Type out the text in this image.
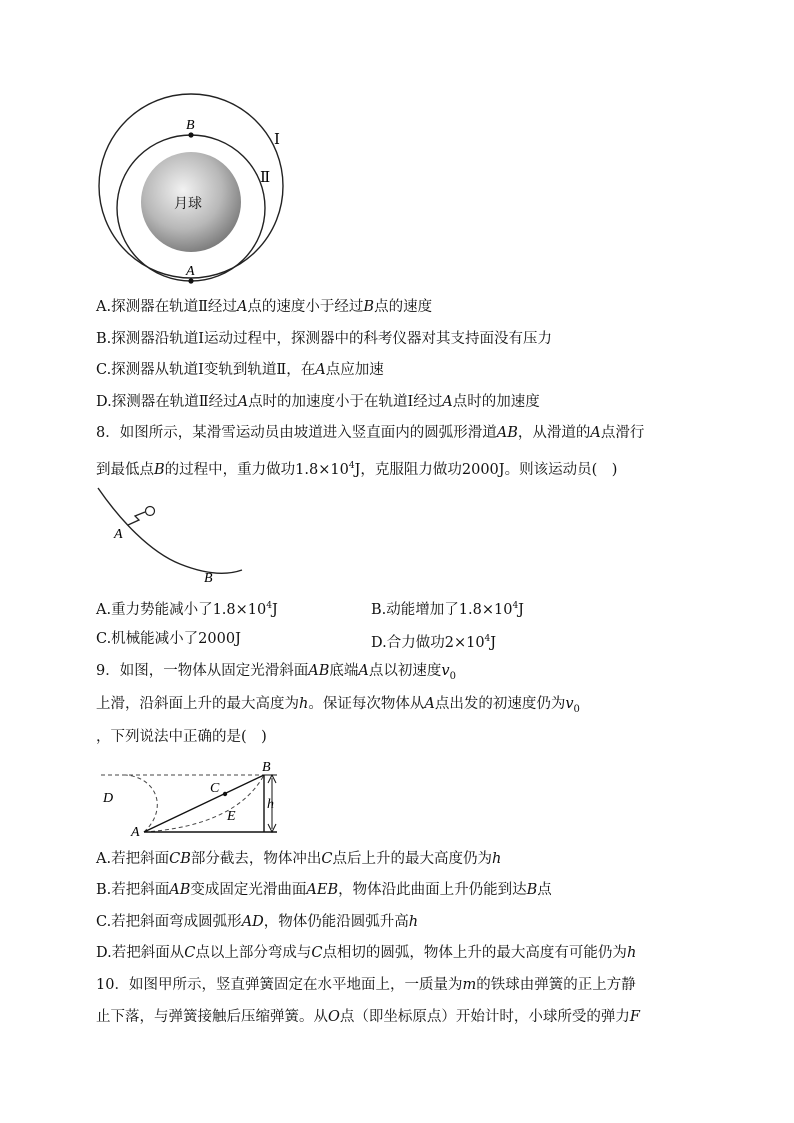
月球
B
A
Ⅰ
Ⅱ
A.探测器在轨道Ⅱ经过A点的速度小于经过B点的速度
B.探测器沿轨道Ⅰ运动过程中，探测器中的科考仪器对其支持面没有压力
C.探测器从轨道Ⅰ变轨到轨道Ⅱ，在A点应加速
D.探测器在轨道Ⅱ经过A点时的加速度小于在轨道Ⅰ经过A点时的加速度
8．如图所示，某滑雪运动员由坡道进入竖直面内的圆弧形滑道AB，从滑道的A点滑行
到最低点B的过程中，重力做功$1.8\times 10^4J$，克服阻力做功2000J。则该运动员(　)
A
B
A.重力势能减小了$1.8\times 10^4J$	B.动能增加了$1.8\times 10^4J$
C.机械能减小了2000J	D.合力做功$2\times 10^4J$
9．如图，一物体从固定光滑斜面AB底端A点以初速度$v_0$
上滑，沿斜面上升的最大高度为h。保证每次物体从A点出发的初速度仍为$v_0$
，下列说法中正确的是(　)
A
B
C
D
E
h
A.若把斜面CB部分截去，物体冲出C点后上升的最大高度仍为h
B.若把斜面AB变成固定光滑曲面AEB，物体沿此曲面上升仍能到达B点
C.若把斜面弯成圆弧形AD，物体仍能沿圆弧升高h
D.若把斜面从C点以上部分弯成与C点相切的圆弧，物体上升的最大高度有可能仍为h
10．如图甲所示，竖直弹簧固定在水平地面上，一质量为m的铁球由弹簧的正上方静
止下落，与弹簧接触后压缩弹簧。从O点（即坐标原点）开始计时，小球所受的弹力F
